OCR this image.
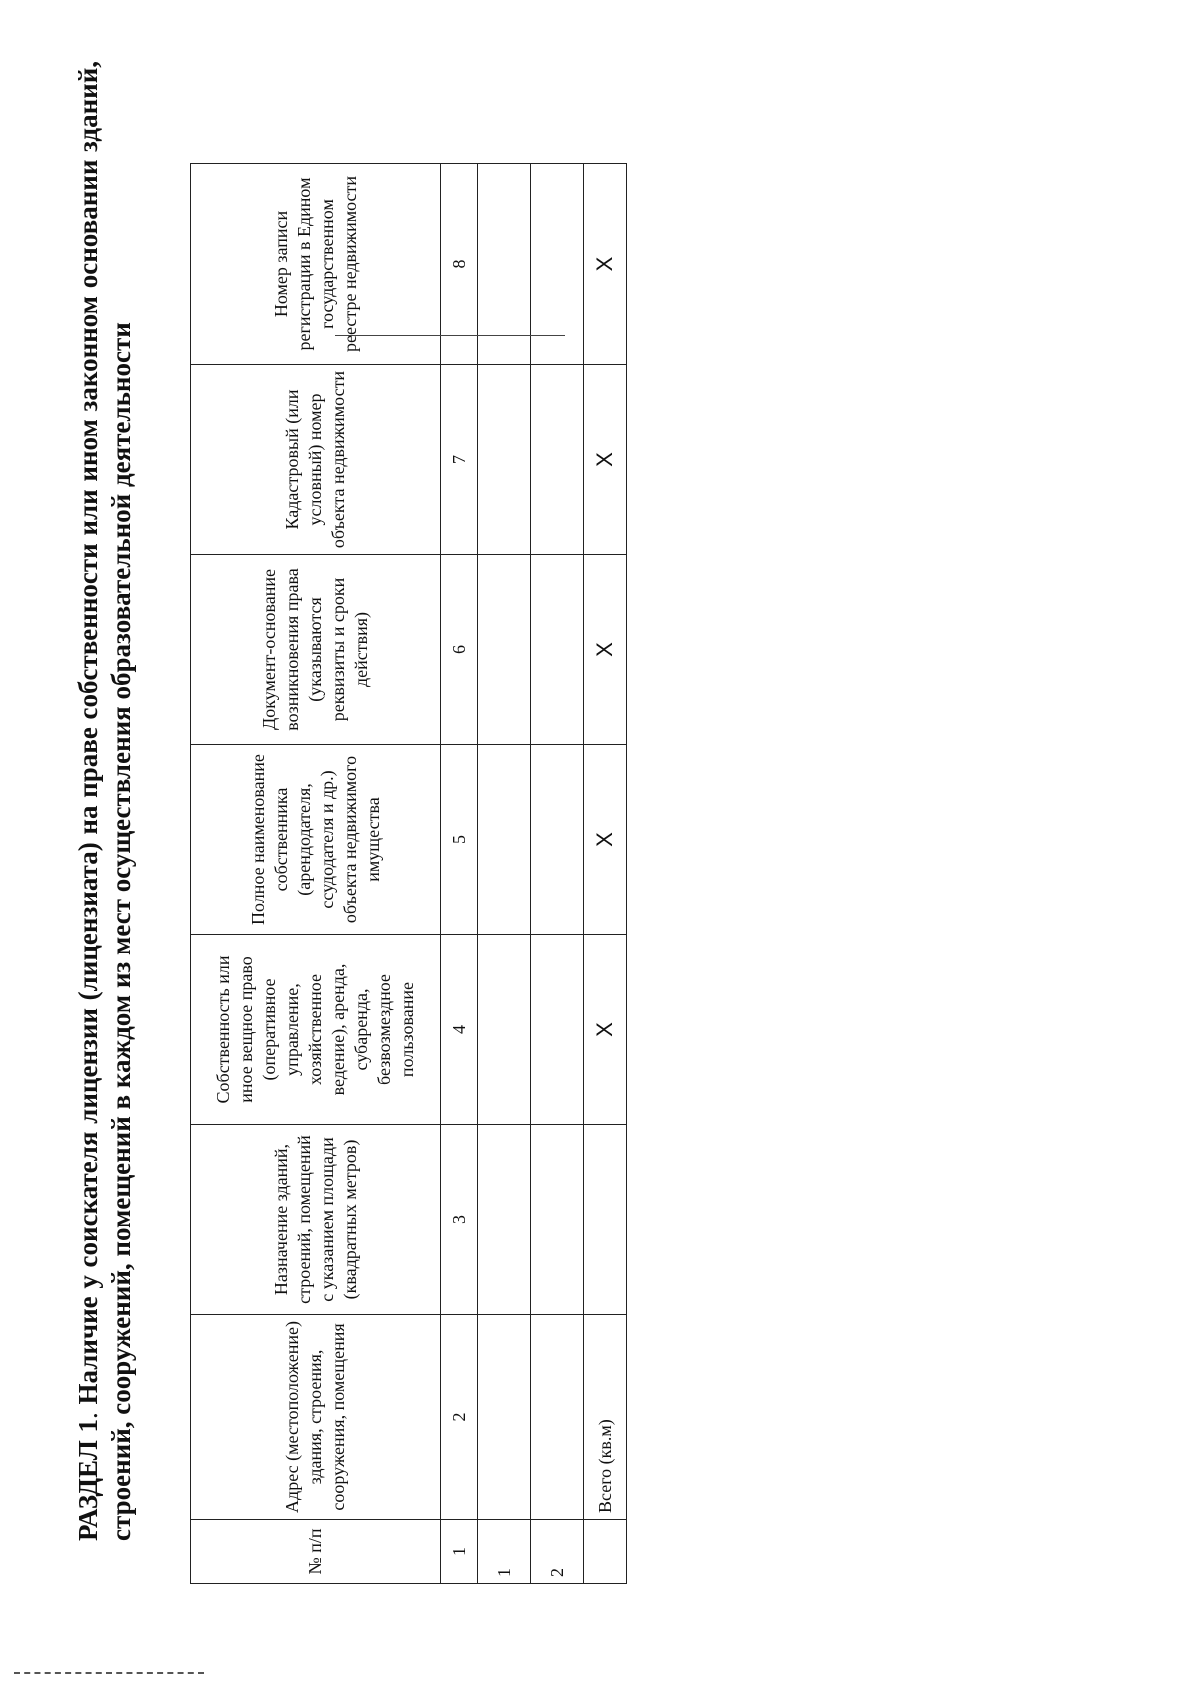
РАЗДЕЛ 1. Наличие у соискателя лицензии (лицензиата) на праве собственности или ином законном основании зданий, строений, сооружений, помещений в каждом из мест осуществления образовательной деятельности
№ п/п	Адрес (местоположение) здания, строения, сооружения, помещения	Назначение зданий, строений, помещений с указанием площади (квадратных метров)	Собственность или иное вещное право (оперативное управление, хозяйственное ведение), аренда, субаренда, безвозмездное пользование	Полное наименование собственника (арендодателя, ссудодателя и др.) объекта недвижимого имущества	Документ-основание возникновения права (указываются реквизиты и сроки действия)	Кадастровый (или условный) номер объекта недвижимости	Номер записи регистрации в Едином государственном реестре недвижимости
1	2	3	4	5	6	7	8
1							
2							
	Всего (кв.м)		X	X	X	X	X
